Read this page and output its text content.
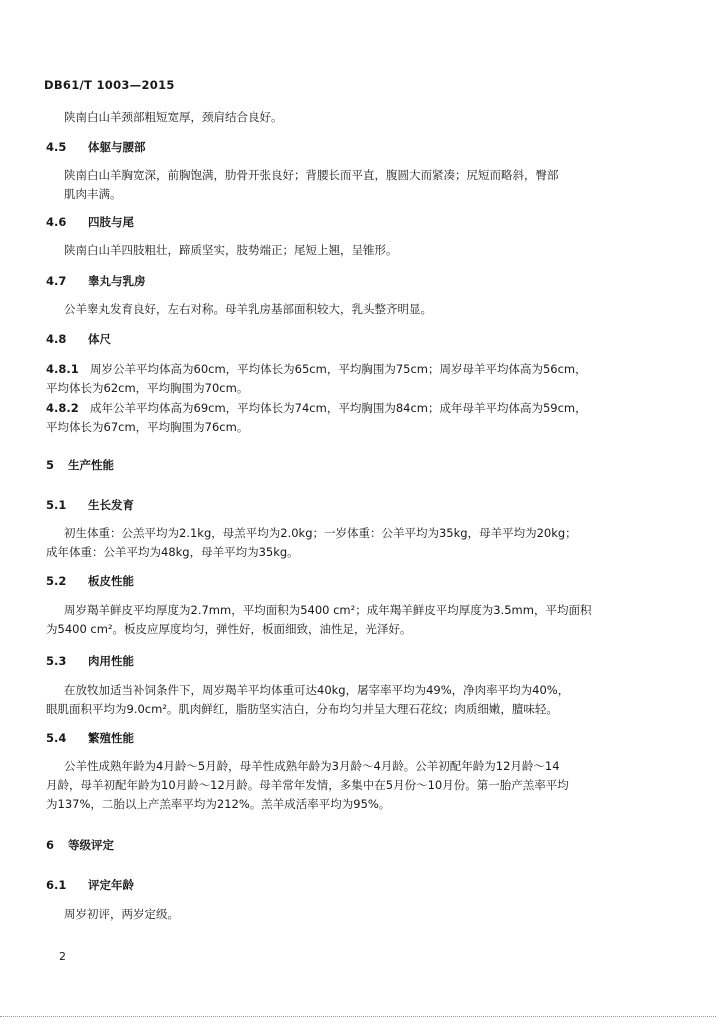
DB61/T 1003—2015
陕南白山羊颈部粗短宽厚，颈肩结合良好。
4.5 体躯与腰部
陕南白山羊胸宽深，前胸饱满，肋骨开张良好；背腰长而平直，腹圆大而紧凑；尻短而略斜，臀部
肌肉丰满。
4.6 四肢与尾
陕南白山羊四肢粗壮，蹄质坚实，肢势端正；尾短上翘，呈锥形。
4.7 睾丸与乳房
公羊睾丸发育良好，左右对称。母羊乳房基部面积较大，乳头整齐明显。
4.8 体尺
4.8.1 周岁公羊平均体高为60cm，平均体长为65cm，平均胸围为75cm；周岁母羊平均体高为56cm，
平均体长为62cm，平均胸围为70cm。
4.8.2 成年公羊平均体高为69cm，平均体长为74cm，平均胸围为84cm；成年母羊平均体高为59cm，
平均体长为67cm，平均胸围为76cm。
5 生产性能
5.1 生长发育
初生体重：公羔平均为2.1kg，母羔平均为2.0kg；一岁体重：公羊平均为35kg，母羊平均为20kg；
成年体重：公羊平均为48kg，母羊平均为35kg。
5.2 板皮性能
周岁羯羊鲜皮平均厚度为2.7mm，平均面积为5400 cm²；成年羯羊鲜皮平均厚度为3.5mm，平均面积
为5400 cm²。板皮应厚度均匀，弹性好，板面细致，油性足，光泽好。
5.3 肉用性能
在放牧加适当补饲条件下，周岁羯羊平均体重可达40kg，屠宰率平均为49%，净肉率平均为40%，
眼肌面积平均为9.0cm²。肌肉鲜红，脂肪坚实洁白，分布均匀并呈大理石花纹；肉质细嫩，膻味轻。
5.4 繁殖性能
公羊性成熟年龄为4月龄～5月龄，母羊性成熟年龄为3月龄～4月龄。公羊初配年龄为12月龄～14
月龄，母羊初配年龄为10月龄～12月龄。母羊常年发情，多集中在5月份～10月份。第一胎产羔率平均
为137%，二胎以上产羔率平均为212%。羔羊成活率平均为95%。
6 等级评定
6.1 评定年龄
周岁初评，两岁定级。
2
